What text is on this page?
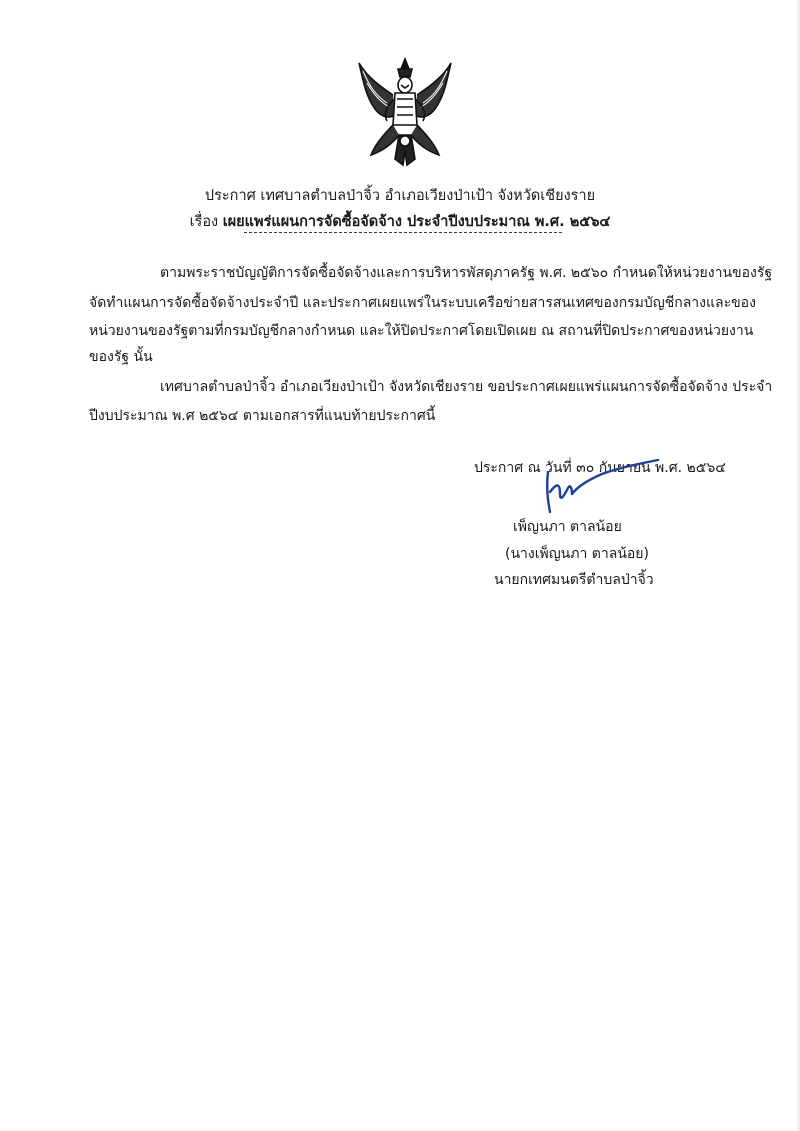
ประกาศ เทศบาลตำบลป่าจิ้ว อำเภอเวียงป่าเป้า จังหวัดเชียงราย
เรื่อง เผยแพร่แผนการจัดซื้อจัดจ้าง ประจำปีงบประมาณ พ.ศ. ๒๕๖๔
ตามพระราชบัญญัติการจัดซื้อจัดจ้างและการบริหารพัสดุภาครัฐ พ.ศ. ๒๕๖๐ กำหนดให้หน่วยงานของรัฐ
จัดทำแผนการจัดซื้อจัดจ้างประจำปี และประกาศเผยแพร่ในระบบเครือข่ายสารสนเทศของกรมบัญชีกลางและของ
หน่วยงานของรัฐตามที่กรมบัญชีกลางกำหนด และให้ปิดประกาศโดยเปิดเผย ณ สถานที่ปิดประกาศของหน่วยงาน
ของรัฐ นั้น
เทศบาลตำบลป่าจิ้ว อำเภอเวียงป่าเป้า จังหวัดเชียงราย ขอประกาศเผยแพร่แผนการจัดซื้อจัดจ้าง ประจำ
ปีงบประมาณ พ.ศ ๒๕๖๔ ตามเอกสารที่แนบท้ายประกาศนี้
ประกาศ ณ วันที่ ๓๐ กันยายน พ.ศ. ๒๕๖๔
เพ็ญนภา ตาลน้อย
(นางเพ็ญนภา ตาลน้อย)
นายกเทศมนตรีตำบลป่าจิ้ว
